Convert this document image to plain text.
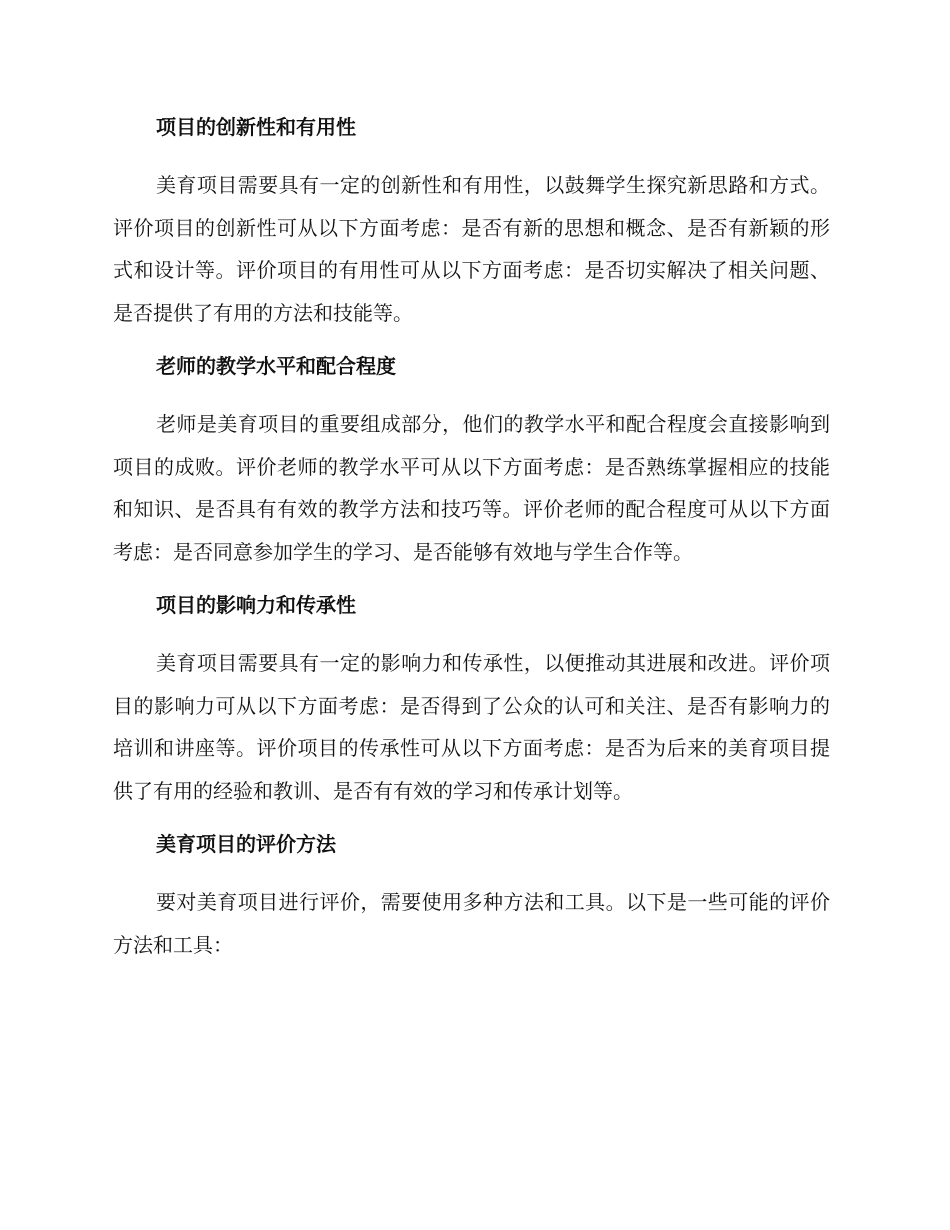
项目的创新性和有用性

美育项目需要具有一定的创新性和有用性，以鼓舞学生探究新思路和方式。评价项目的创新性可从以下方面考虑：是否有新的思想和概念、是否有新颖的形式和设计等。评价项目的有用性可从以下方面考虑：是否切实解决了相关问题、是否提供了有用的方法和技能等。

老师的教学水平和配合程度

老师是美育项目的重要组成部分，他们的教学水平和配合程度会直接影响到项目的成败。评价老师的教学水平可从以下方面考虑：是否熟练掌握相应的技能和知识、是否具有有效的教学方法和技巧等。评价老师的配合程度可从以下方面考虑：是否同意参加学生的学习、是否能够有效地与学生合作等。

项目的影响力和传承性

美育项目需要具有一定的影响力和传承性，以便推动其进展和改进。评价项目的影响力可从以下方面考虑：是否得到了公众的认可和关注、是否有影响力的培训和讲座等。评价项目的传承性可从以下方面考虑：是否为后来的美育项目提供了有用的经验和教训、是否有有效的学习和传承计划等。

美育项目的评价方法

要对美育项目进行评价，需要使用多种方法和工具。以下是一些可能的评价方法和工具：
